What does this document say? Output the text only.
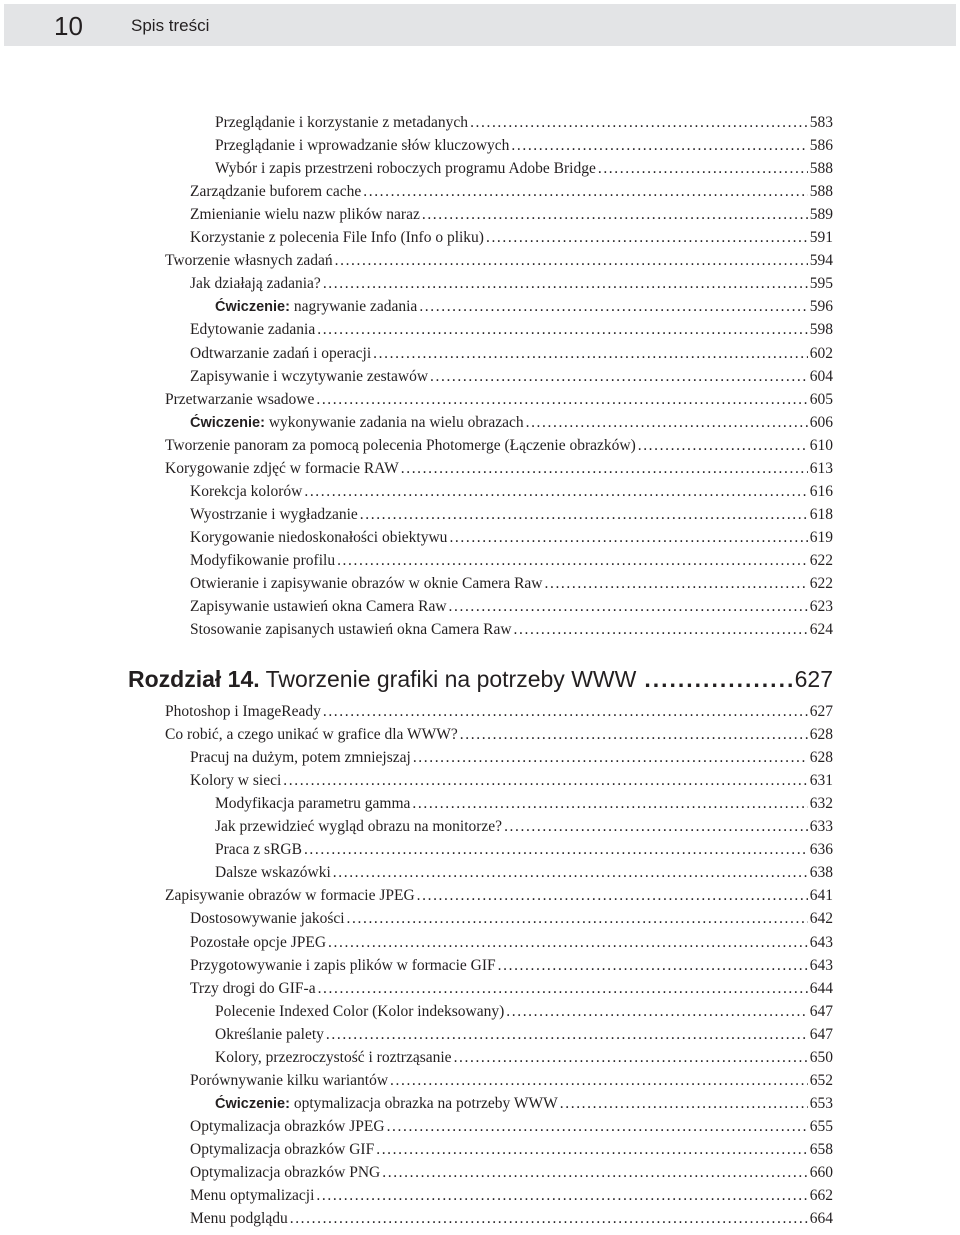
10	Spis treści
Przeglądanie i korzystanie z metadanych .....	583
Przeglądanie i wprowadzanie słów kluczowych .....	586
Wybór i zapis przestrzeni roboczych programu Adobe Bridge .....	588
Zarządzanie buforem cache .....	588
Zmienianie wielu nazw plików naraz .....	589
Korzystanie z polecenia File Info (Info o pliku) .....	591
Tworzenie własnych zadań .....	594
Jak działają zadania? .....	595
Ćwiczenie: nagrywanie zadania .....	596
Edytowanie zadania .....	598
Odtwarzanie zadań i operacji .....	602
Zapisywanie i wczytywanie zestawów .....	604
Przetwarzanie wsadowe .....	605
Ćwiczenie: wykonywanie zadania na wielu obrazach .....	606
Tworzenie panoram za pomocą polecenia Photomerge (Łączenie obrazków) .....	610
Korygowanie zdjęć w formacie RAW .....	613
Korekcja kolorów .....	616
Wyostrzanie i wygładzanie .....	618
Korygowanie niedoskonałości obiektywu .....	619
Modyfikowanie profilu .....	622
Otwieranie i zapisywanie obrazów w oknie Camera Raw .....	622
Zapisywanie ustawień okna Camera Raw .....	623
Stosowanie zapisanych ustawień okna Camera Raw .....	624
Photoshop i ImageReady .....	627
Co robić, a czego unikać w grafice dla WWW? .....	628
Pracuj na dużym, potem zmniejszaj .....	628
Kolory w sieci .....	631
Modyfikacja parametru gamma .....	632
Jak przewidzieć wygląd obrazu na monitorze? .....	633
Praca z sRGB .....	636
Dalsze wskazówki .....	638
Zapisywanie obrazów w formacie JPEG .....	641
Dostosowywanie jakości .....	642
Pozostałe opcje JPEG .....	643
Przygotowywanie i zapis plików w formacie GIF .....	643
Trzy drogi do GIF-a .....	644
Polecenie Indexed Color (Kolor indeksowany) .....	647
Określanie palety .....	647
Kolory, przezroczystość i roztrząsanie .....	650
Porównywanie kilku wariantów .....	652
Ćwiczenie: optymalizacja obrazka na potrzeby WWW .....	653
Optymalizacja obrazków JPEG .....	655
Optymalizacja obrazków GIF .....	658
Optymalizacja obrazków PNG .....	660
Menu optymalizacji .....	662
Menu podglądu .....	664
Rozdział 14. Tworzenie grafiki na potrzeby WWW .....	627
